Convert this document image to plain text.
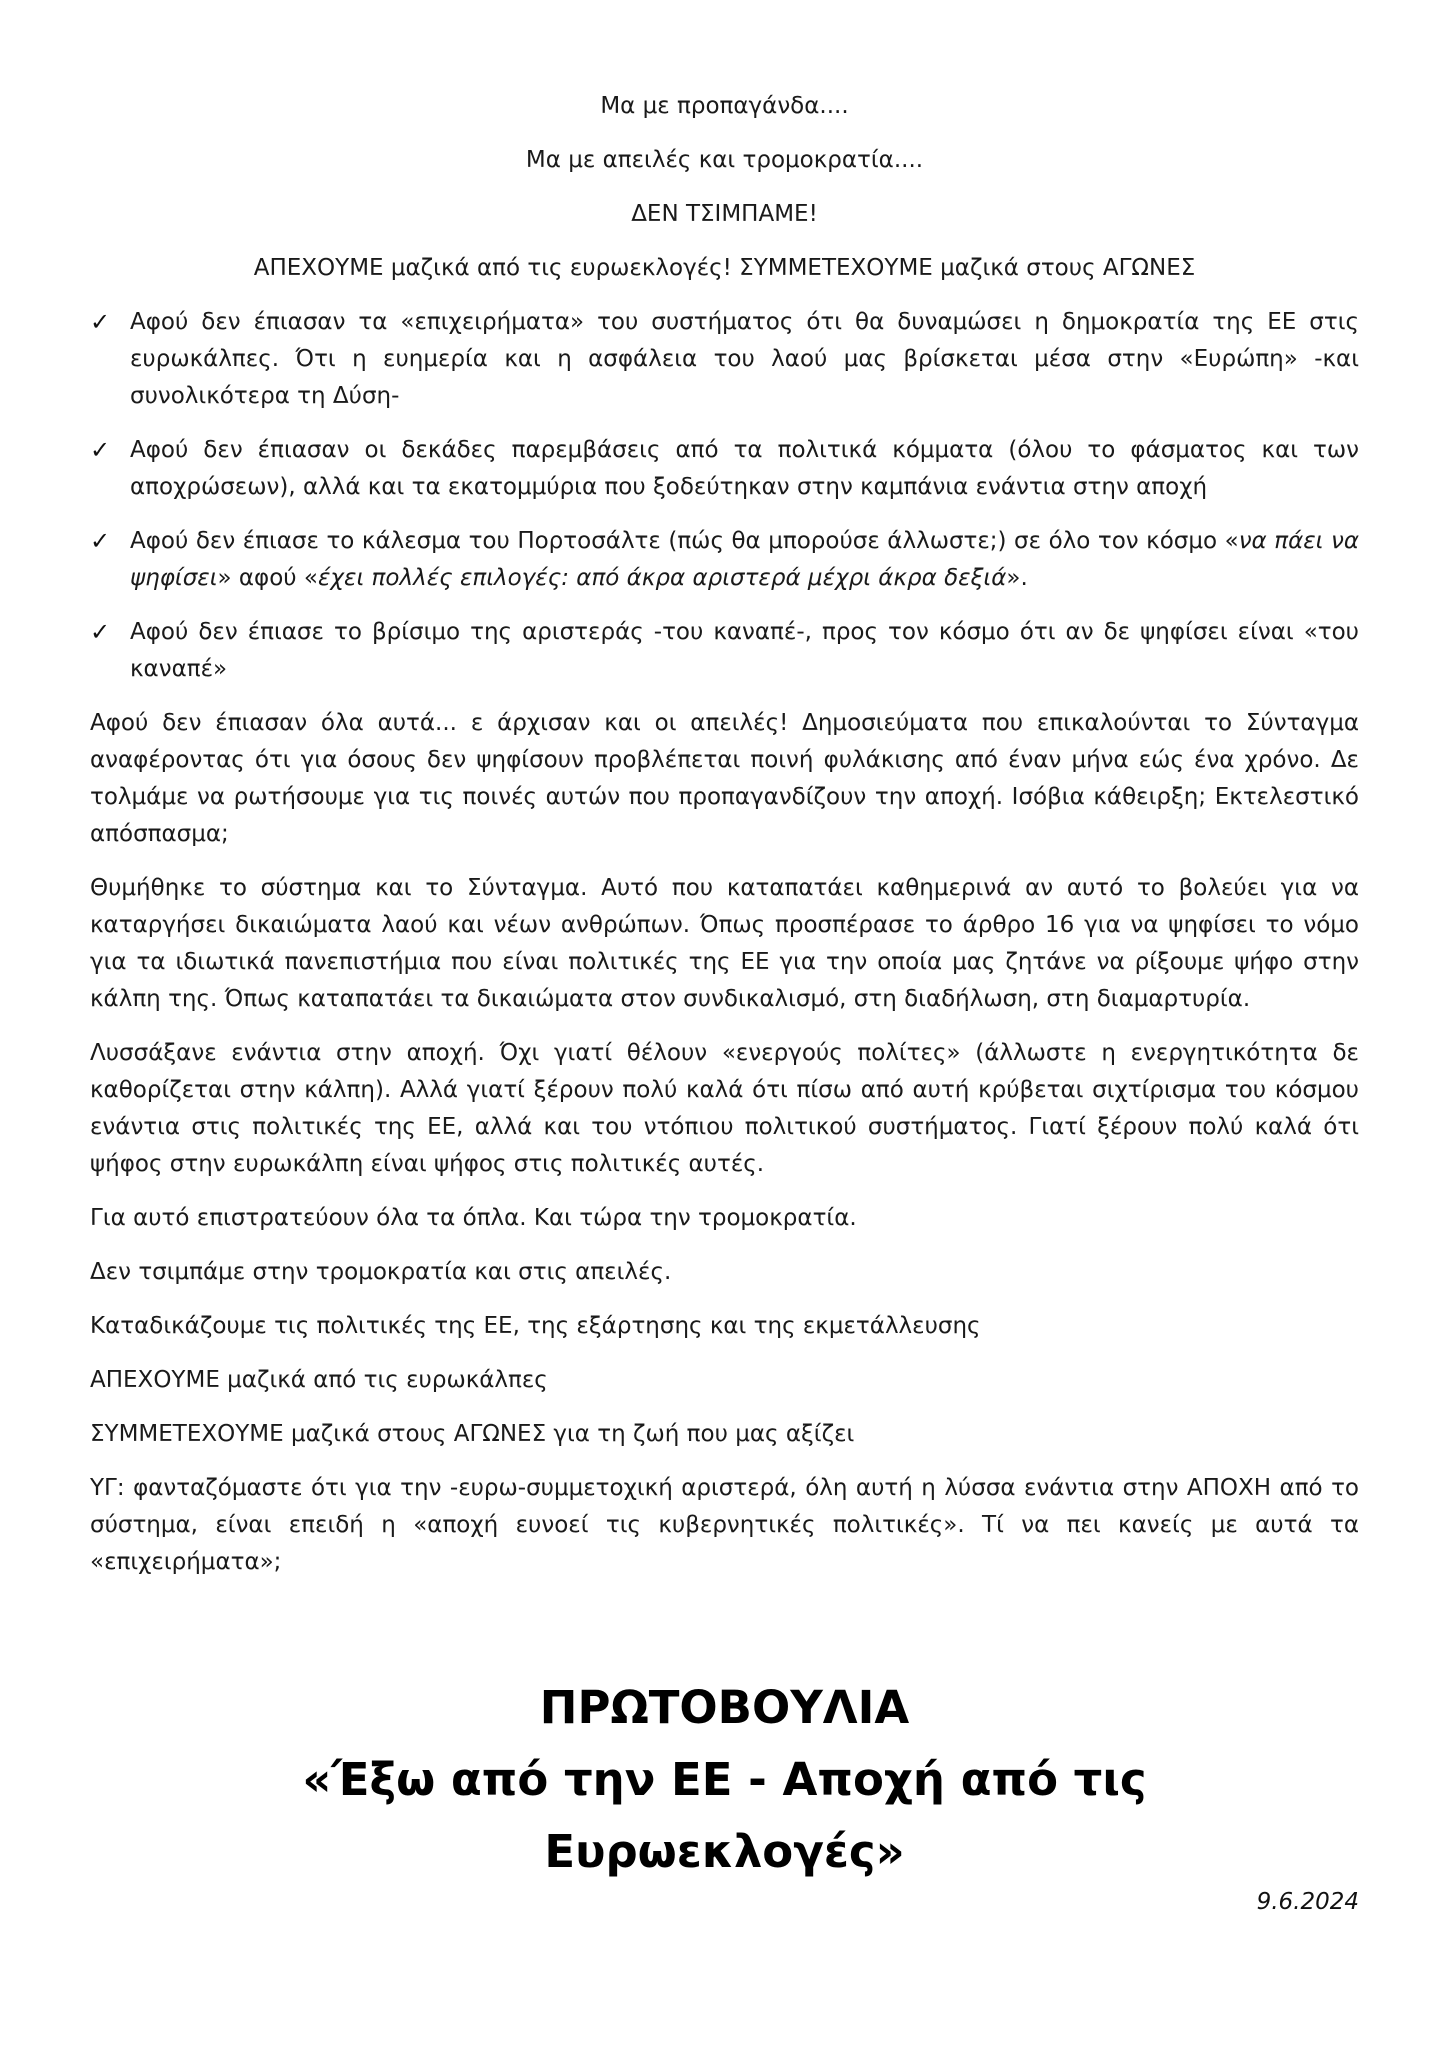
Μα με προπαγάνδα....

Μα με απειλές και τρομοκρατία....

ΔΕΝ ΤΣΙΜΠΑΜΕ!

ΑΠΕΧΟΥΜΕ μαζικά από τις ευρωεκλογές! ΣΥΜΜΕΤΕΧΟΥΜΕ μαζικά στους ΑΓΩΝΕΣ

✓ Αφού δεν έπιασαν τα «επιχειρήματα» του συστήματος ότι θα δυναμώσει η δημοκρατία της ΕΕ στις ευρωκάλπες. Ότι η ευημερία και η ασφάλεια του λαού μας βρίσκεται μέσα στην «Ευρώπη» -και συνολικότερα τη Δύση-
✓ Αφού δεν έπιασαν οι δεκάδες παρεμβάσεις από τα πολιτικά κόμματα (όλου το φάσματος και των αποχρώσεων), αλλά και τα εκατομμύρια που ξοδεύτηκαν στην καμπάνια ενάντια στην αποχή
✓ Αφού δεν έπιασε το κάλεσμα του Πορτοσάλτε (πώς θα μπορούσε άλλωστε;) σε όλο τον κόσμο «να πάει να ψηφίσει» αφού «έχει πολλές επιλογές: από άκρα αριστερά μέχρι άκρα δεξιά».
✓ Αφού δεν έπιασε το βρίσιμο της αριστεράς -του καναπέ-, προς τον κόσμο ότι αν δε ψηφίσει είναι «του καναπέ»

Αφού δεν έπιασαν όλα αυτά... ε άρχισαν και οι απειλές! Δημοσιεύματα που επικαλούνται το Σύνταγμα αναφέροντας ότι για όσους δεν ψηφίσουν προβλέπεται ποινή φυλάκισης από έναν μήνα εώς ένα χρόνο. Δε τολμάμε να ρωτήσουμε για τις ποινές αυτών που προπαγανδίζουν την αποχή. Ισόβια κάθειρξη; Εκτελεστικό απόσπασμα;

Θυμήθηκε το σύστημα και το Σύνταγμα. Αυτό που καταπατάει καθημερινά αν αυτό το βολεύει για να καταργήσει δικαιώματα λαού και νέων ανθρώπων. Όπως προσπέρασε το άρθρο 16 για να ψηφίσει το νόμο για τα ιδιωτικά πανεπιστήμια που είναι πολιτικές της ΕΕ για την οποία μας ζητάνε να ρίξουμε ψήφο στην κάλπη της. Όπως καταπατάει τα δικαιώματα στον συνδικαλισμό, στη διαδήλωση, στη διαμαρτυρία.

Λυσσάξανε ενάντια στην αποχή. Όχι γιατί θέλουν «ενεργούς πολίτες» (άλλωστε η ενεργητικότητα δε καθορίζεται στην κάλπη). Αλλά γιατί ξέρουν πολύ καλά ότι πίσω από αυτή κρύβεται σιχτίρισμα του κόσμου ενάντια στις πολιτικές της ΕΕ, αλλά και του ντόπιου πολιτικού συστήματος. Γιατί ξέρουν πολύ καλά ότι ψήφος στην ευρωκάλπη είναι ψήφος στις πολιτικές αυτές.

Για αυτό επιστρατεύουν όλα τα όπλα. Και τώρα την τρομοκρατία.

Δεν τσιμπάμε στην τρομοκρατία και στις απειλές.

Καταδικάζουμε τις πολιτικές της ΕΕ, της εξάρτησης και της εκμετάλλευσης

ΑΠΕΧΟΥΜΕ μαζικά από τις ευρωκάλπες

ΣΥΜΜΕΤΕΧΟΥΜΕ μαζικά στους ΑΓΩΝΕΣ για τη ζωή που μας αξίζει

ΥΓ: φανταζόμαστε ότι για την -ευρω-συμμετοχική αριστερά, όλη αυτή η λύσσα ενάντια στην ΑΠΟΧΗ από το σύστημα, είναι επειδή η «αποχή ευνοεί τις κυβερνητικές πολιτικές». Τί να πει κανείς με αυτά τα «επιχειρήματα»;

ΠΡΩΤΟΒΟΥΛΙΑ
«Έξω από την ΕΕ - Αποχή από τις
Ευρωεκλογές»
9.6.2024
